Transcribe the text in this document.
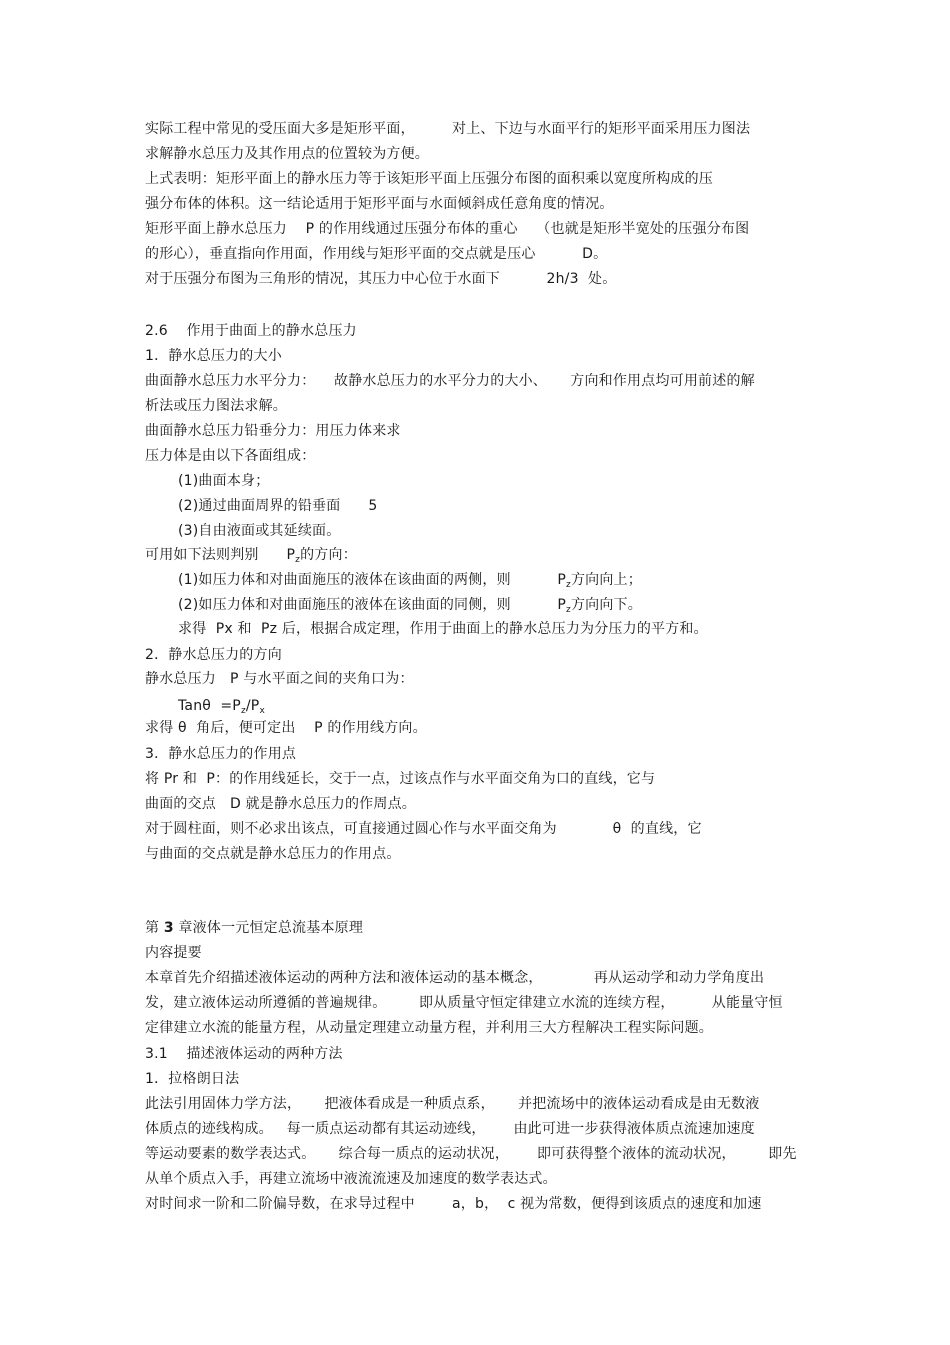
实际工程中常见的受压面大多是矩形平面，        对上、下边与水面平行的矩形平面采用压力图法
求解静水总压力及其作用点的位置较为方便。
上式表明：矩形平面上的静水压力等于该矩形平面上压强分布图的面积乘以宽度所构成的压
强分布体的体积。这一结论适用于矩形平面与水面倾斜成任意角度的情况。
矩形平面上静水总压力    P 的作用线通过压强分布体的重心    （也就是矩形半宽处的压强分布图
的形心），垂直指向作用面，作用线与矩形平面的交点就是压心          D。
对于压强分布图为三角形的情况，其压力中心位于水面下          2h/3  处。
2.6    作用于曲面上的静水总压力
1．静水总压力的大小
曲面静水总压力水平分力：    故静水总压力的水平分力的大小、     方向和作用点均可用前述的解
析法或压力图法求解。
曲面静水总压力铅垂分力：用压力体来求
压力体是由以下各面组成：
(1)曲面本身；
(2)通过曲面周界的铅垂面      5
(3)自由液面或其延续面。
可用如下法则判别 $P_z$的方向：
(1)如压力体和对曲面施压的液体在该曲面的两侧，则          $P_z$方向向上；
(2)如压力体和对曲面施压的液体在该曲面的同侧，则          $P_z$方向向下。
求得  Px 和  Pz 后，根据合成定理，作用于曲面上的静水总压力为分压力的平方和。
2．静水总压力的方向
静水总压力   P 与水平面之间的夹角口为：
$Tan\theta =P_z/P_x$
求得 θ  角后，便可定出    P 的作用线方向。
3．静水总压力的作用点
将 Pr 和  P：的作用线延长，交于一点，过该点作与水平面交角为口的直线，它与
曲面的交点   D 就是静水总压力的作周点。
对于圆柱面，则不必求出该点，可直接通过圆心作与水平面交角为            θ  的直线，它
与曲面的交点就是静水总压力的作用点。
第 3 章液体一元恒定总流基本原理
内容提要
本章首先介绍描述液体运动的两种方法和液体运动的基本概念，           再从运动学和动力学角度出
发，建立液体运动所遵循的普遍规律。       即从质量守恒定律建立水流的连续方程，        从能量守恒
定律建立水流的能量方程，从动量定理建立动量方程，并利用三大方程解决工程实际问题。
3.1    描述液体运动的两种方法
1．拉格朗日法
此法引用固体力学方法，     把液体看成是一种质点系，     并把流场中的液体运动看成是由无数液
体质点的迹线构成。   每一质点运动都有其运动迹线，      由此可进一步获得液体质点流速加速度
等运动要素的数学表达式。     综合每一质点的运动状况，      即可获得整个液体的流动状况，       即先
从单个质点入手，再建立流场中液流流速及加速度的数学表达式。
对时间求一阶和二阶偏导数，在求导过程中        a，b，  c 视为常数，便得到该质点的速度和加速
